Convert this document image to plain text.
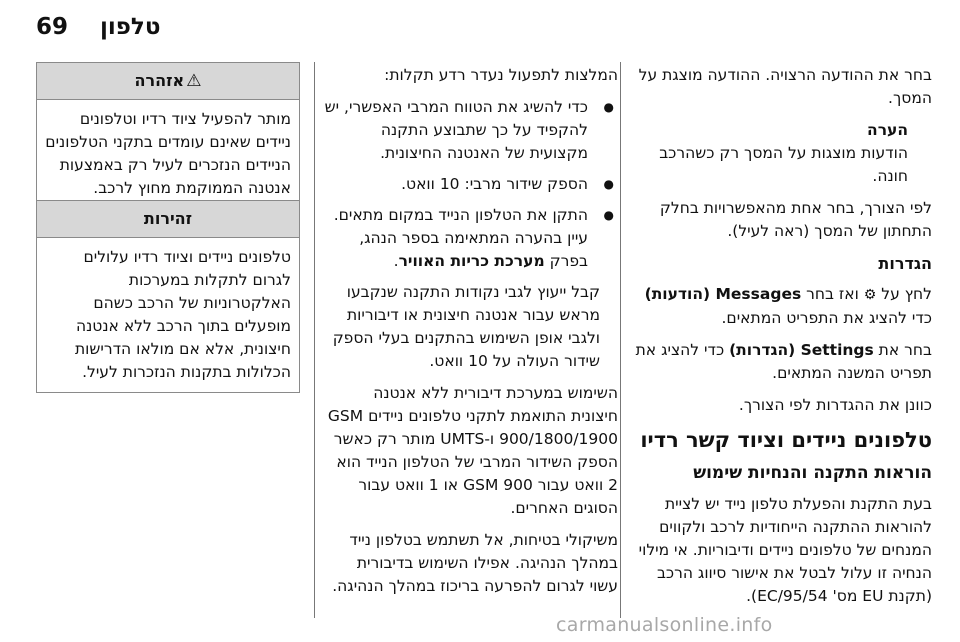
69 טלפון

בחר את ההודעה הרצויה. ההודעה מוצגת על המסך.

הערה

הודעות מוצגות על המסך רק כשהרכב חונה.

לפי הצורך, בחר אחת מהאפשרויות בחלק התחתון של המסך (ראה לעיל).

הגדרות

לחץ על ⚙ ואז בחר Messages (הודעות) כדי להציג את התפריט המתאים.

בחר את Settings (הגדרות) כדי להציג את תפריט המשנה המתאים.

כוונן את ההגדרות לפי הצורך.

טלפונים ניידים וציוד קשר רדיו
הוראות התקנה והנחיות שימוש

בעת התקנת והפעלת טלפון נייד יש לציית להוראות ההתקנה הייחודיות לרכב ולקווים המנחים של טלפונים ניידים ודיבוריות. אי מילוי הנחיה זו עלול לבטל את אישור סיווג הרכב (תקנת EU מס' 95/54/EC).

המלצות לתפעול נעדר רדע תקלות:

● כדי להשיג את הטווח המרבי האפשרי, יש להקפיד על כך שתבוצע התקנה מקצועית של האנטנה החיצונית.
● הספק שידור מרבי: 10 וואט.
● התקן את הטלפון הנייד במקום מתאים. עיין בהערה המתאימה בספר הנהג, בפרק מערכת כריות האוויר.

קבל ייעוץ לגבי נקודות התקנה שנקבעו מראש עבור אנטנה חיצונית או דיבוריות ולגבי אופן השימוש בהתקנים בעלי הספק שידור העולה על 10 וואט.

השימוש במערכת דיבורית ללא אנטנה חיצונית התואמת לתקני טלפונים ניידים GSM 900/1800/1900 ו-UMTS מותר רק כאשר הספק השידור המרבי של הטלפון הנייד הוא 2 וואט עבור GSM 900 או 1 וואט עבור הסוגים האחרים.

משיקולי בטיחות, אל תשתמש בטלפון נייד במהלך הנהיגה. אפילו השימוש בדיבורית עשוי לגרום להפרעה בריכוז במהלך הנהיגה.

⚠אזהרה
מותר להפעיל ציוד רדיו וטלפונים ניידים שאינם עומדים בתקני הטלפונים הניידים הנזכרים לעיל רק באמצעות אנטנה הממוקמת מחוץ לרכב.
זהירות
טלפונים ניידים וציוד רדיו עלולים לגרום לתקלות במערכות האלקטרוניות של הרכב כשהם מופעלים בתוך הרכב ללא אנטנה חיצונית, אלא אם מולאו הדרישות הכלולות בתקנות הנזכרות לעיל.
carmanualsonline.info
